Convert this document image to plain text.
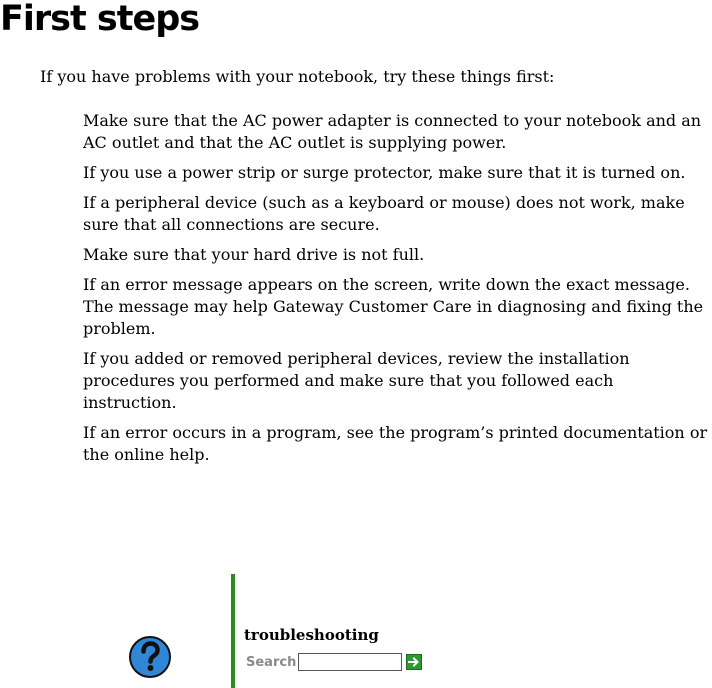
First steps

If you have problems with your notebook, try these things first:

Make sure that the AC power adapter is connected to your notebook and an AC outlet and that the AC outlet is supplying power.
If you use a power strip or surge protector, make sure that it is turned on.
If a peripheral device (such as a keyboard or mouse) does not work, make sure that all connections are secure.
Make sure that your hard drive is not full.
If an error message appears on the screen, write down the exact message. The message may help Gateway Customer Care in diagnosing and fixing the problem.
If you added or removed peripheral devices, review the installation procedures you performed and make sure that you followed each instruction.
If an error occurs in a program, see the program’s printed documentation or the online help.

troubleshooting

Search
